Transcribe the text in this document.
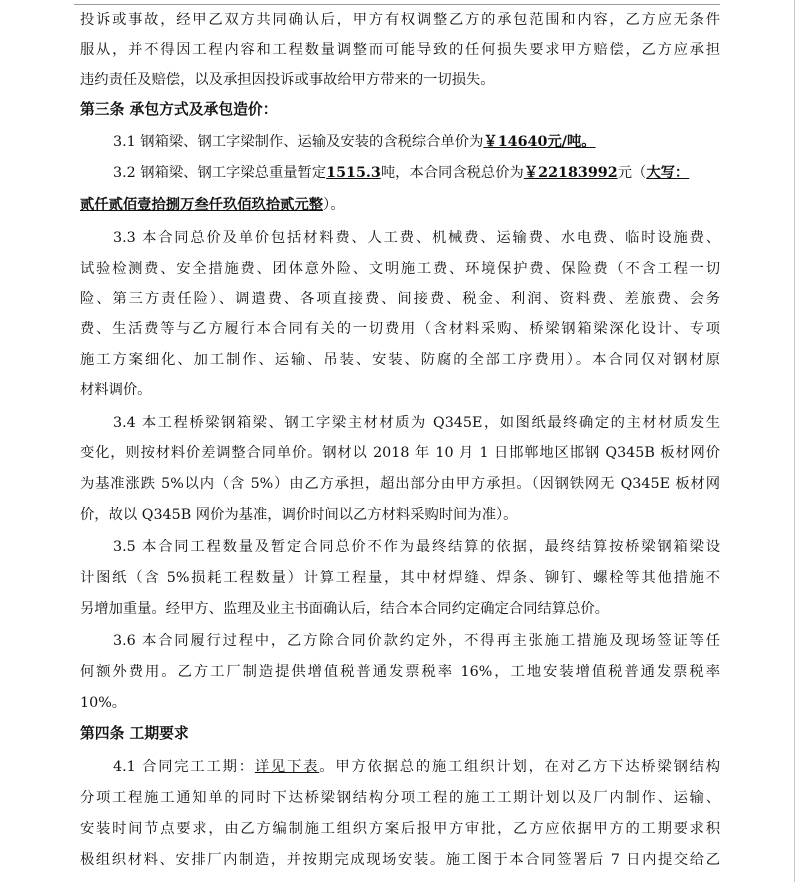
投诉或事故，经甲乙双方共同确认后，甲方有权调整乙方的承包范围和内容，乙方应无条件
服从，并不得因工程内容和工程数量调整而可能导致的任何损失要求甲方赔偿，乙方应承担
违约责任及赔偿，以及承担因投诉或事故给甲方带来的一切损失。
第三条 承包方式及承包造价：
3.1 钢箱梁、钢工字梁制作、运输及安装的含税综合单价为￥14640元/吨。
3.2 钢箱梁、钢工字梁总重量暂定1515.3吨，本合同含税总价为￥22183992元（大写：
贰仟贰佰壹拾捌万叁仟玖佰玖拾贰元整）。
3.3 本合同总价及单价包括材料费、人工费、机械费、运输费、水电费、临时设施费、
试验检测费、安全措施费、团体意外险、文明施工费、环境保护费、保险费（不含工程一切
险、第三方责任险）、调遣费、各项直接费、间接费、税金、利润、资料费、差旅费、会务
费、生活费等与乙方履行本合同有关的一切费用（含材料采购、桥梁钢箱梁深化设计、专项
施工方案细化、加工制作、运输、吊装、安装、防腐的全部工序费用）。本合同仅对钢材原
材料调价。
3.4 本工程桥梁钢箱梁、钢工字梁主材材质为 Q345E，如图纸最终确定的主材材质发生
变化，则按材料价差调整合同单价。钢材以 2018 年 10 月 1 日邯郸地区邯钢 Q345B 板材网价
为基准涨跌 5%以内（含 5%）由乙方承担，超出部分由甲方承担。（因钢铁网无 Q345E 板材网
价，故以 Q345B 网价为基准，调价时间以乙方材料采购时间为准）。
3.5 本合同工程数量及暂定合同总价不作为最终结算的依据，最终结算按桥梁钢箱梁设
计图纸（含 5%损耗工程数量）计算工程量，其中材焊缝、焊条、铆钉、螺栓等其他措施不
另增加重量。经甲方、监理及业主书面确认后，结合本合同约定确定合同结算总价。
3.6 本合同履行过程中，乙方除合同价款约定外，不得再主张施工措施及现场签证等任
何额外费用。乙方工厂制造提供增值税普通发票税率 16%，工地安装增值税普通发票税率
10%。
第四条 工期要求
4.1 合同完工工期：详见下表。甲方依据总的施工组织计划，在对乙方下达桥梁钢结构
分项工程施工通知单的同时下达桥梁钢结构分项工程的施工工期计划以及厂内制作、运输、
安装时间节点要求，由乙方编制施工组织方案后报甲方审批，乙方应依据甲方的工期要求积
极组织材料、安排厂内制造，并按期完成现场安装。施工图于本合同签署后 7 日内提交给乙
